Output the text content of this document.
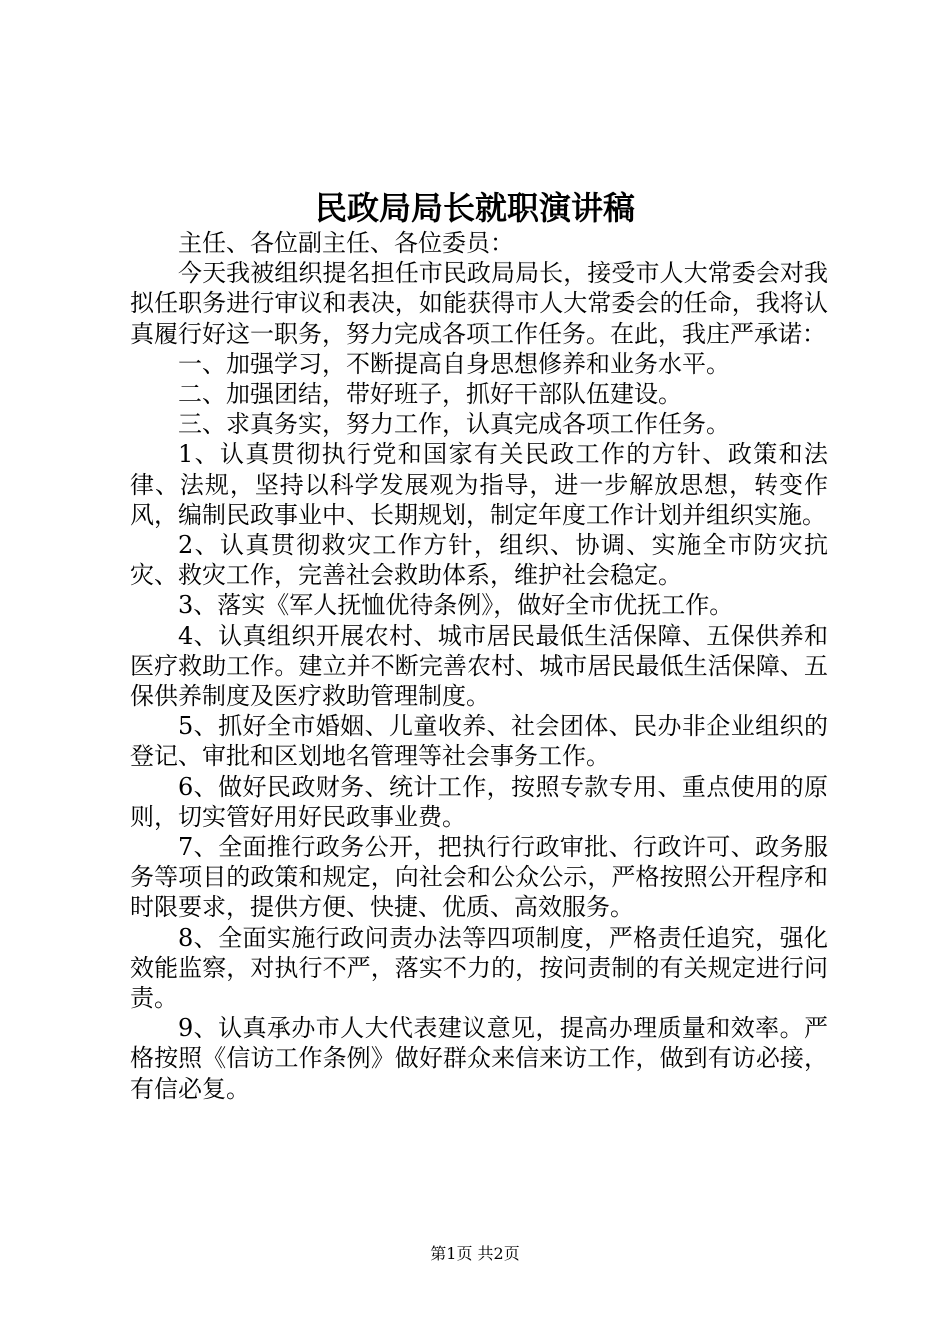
民政局局长就职演讲稿

主任、各位副主任、各位委员：

今天我被组织提名担任市民政局局长，接受市人大常委会对我拟任职务进行审议和表决，如能获得市人大常委会的任命，我将认真履行好这一职务，努力完成各项工作任务。在此，我庄严承诺：

一、加强学习，不断提高自身思想修养和业务水平。

二、加强团结，带好班子，抓好干部队伍建设。

三、求真务实，努力工作，认真完成各项工作任务。

1、认真贯彻执行党和国家有关民政工作的方针、政策和法律、法规，坚持以科学发展观为指导，进一步解放思想，转变作风，编制民政事业中、长期规划，制定年度工作计划并组织实施。

2、认真贯彻救灾工作方针，组织、协调、实施全市防灾抗灾、救灾工作，完善社会救助体系，维护社会稳定。

3、落实《军人抚恤优待条例》，做好全市优抚工作。

4、认真组织开展农村、城市居民最低生活保障、五保供养和医疗救助工作。建立并不断完善农村、城市居民最低生活保障、五保供养制度及医疗救助管理制度。

5、抓好全市婚姻、儿童收养、社会团体、民办非企业组织的登记、审批和区划地名管理等社会事务工作。

6、做好民政财务、统计工作，按照专款专用、重点使用的原则，切实管好用好民政事业费。

7、全面推行政务公开，把执行行政审批、行政许可、政务服务等项目的政策和规定，向社会和公众公示，严格按照公开程序和时限要求，提供方便、快捷、优质、高效服务。

8、全面实施行政问责办法等四项制度，严格责任追究，强化效能监察，对执行不严，落实不力的，按问责制的有关规定进行问责。

9、认真承办市人大代表建议意见，提高办理质量和效率。严格按照《信访工作条例》做好群众来信来访工作，做到有访必接，有信必复。

第1页 共2页
